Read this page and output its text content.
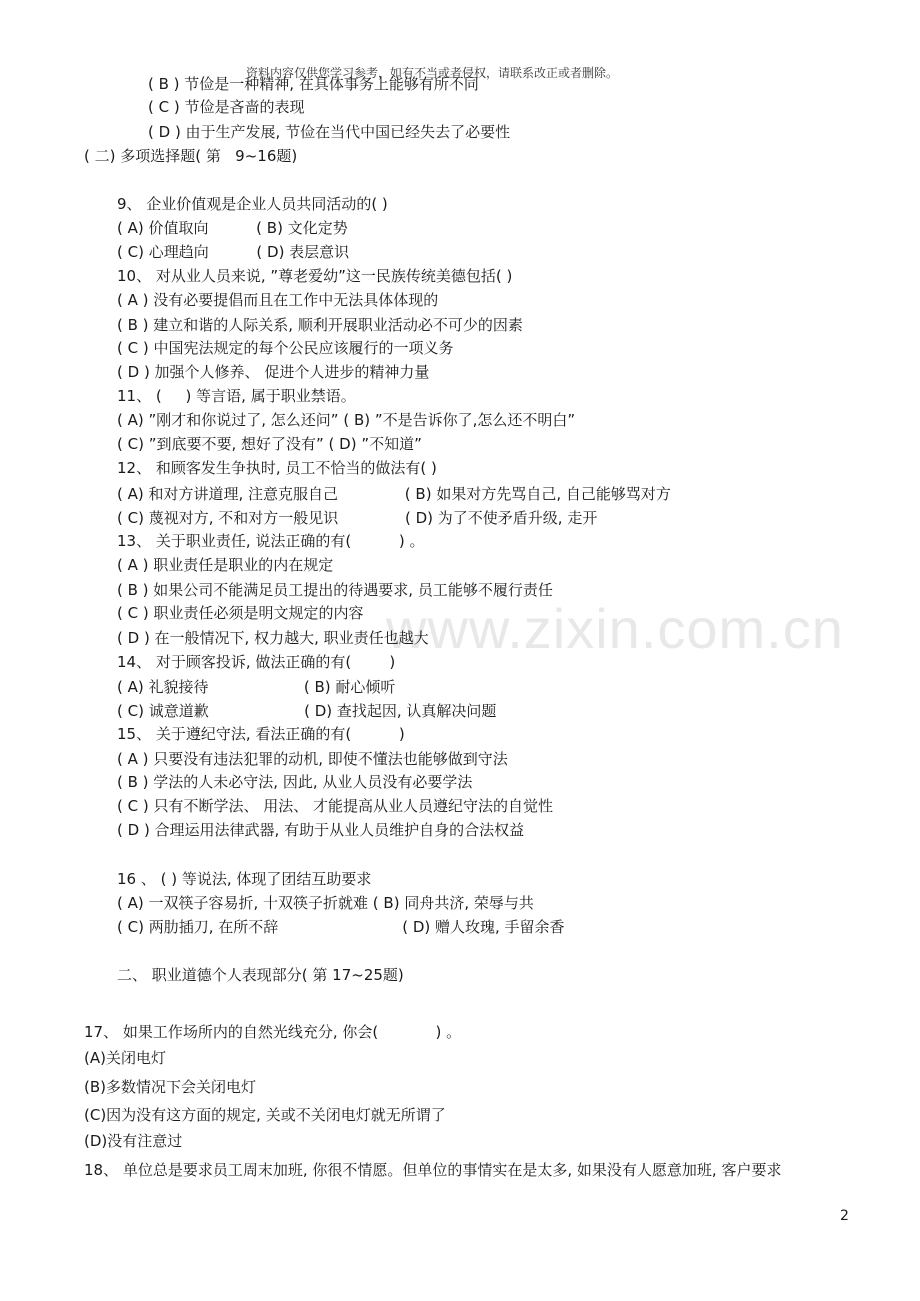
资料内容仅供您学习参考，如有不当或者侵权，请联系改正或者删除。
www.zixin.com.cn
( B ) 节俭是一种精神, 在具体事务上能够有所不同
( C ) 节俭是吝啬的表现
( D ) 由于生产发展, 节俭在当代中国已经失去了必要性
( 二) 多项选择题( 第   9~16题)
9、 企业价值观是企业人员共同活动的( )
( A) 价值取向          ( B) 文化定势
( C) 心理趋向          ( D) 表层意识
10、 对从业人员来说, ”尊老爱幼”这一民族传统美德包括( )
( A ) 没有必要提倡而且在工作中无法具体体现的
( B ) 建立和谐的人际关系, 顺利开展职业活动必不可少的因素
( C ) 中国宪法规定的每个公民应该履行的一项义务
( D ) 加强个人修养、 促进个人进步的精神力量
11、 (     ) 等言语, 属于职业禁语。
( A) ”刚才和你说过了, 怎么还问” ( B) ”不是告诉你了,怎么还不明白”
( C) ”到底要不要, 想好了没有” ( D) ”不知道”
12、 和顾客发生争执时, 员工不恰当的做法有( )
( A) 和对方讲道理, 注意克服自己              ( B) 如果对方先骂自己, 自己能够骂对方
( C) 蔑视对方, 不和对方一般见识              ( D) 为了不使矛盾升级, 走开
13、 关于职业责任, 说法正确的有(          ) 。
( A ) 职业责任是职业的内在规定
( B ) 如果公司不能满足员工提出的待遇要求, 员工能够不履行责任
( C ) 职业责任必须是明文规定的内容
( D ) 在一般情况下, 权力越大, 职业责任也越大
14、 对于顾客投诉, 做法正确的有(        )
( A) 礼貌接待                    ( B) 耐心倾听
( C) 诚意道歉                    ( D) 查找起因, 认真解决问题
15、 关于遵纪守法, 看法正确的有(          )
( A ) 只要没有违法犯罪的动机, 即使不懂法也能够做到守法
( B ) 学法的人未必守法, 因此, 从业人员没有必要学法
( C ) 只有不断学法、 用法、 才能提高从业人员遵纪守法的自觉性
( D ) 合理运用法律武器, 有助于从业人员维护自身的合法权益
16 、 ( ) 等说法, 体现了团结互助要求
( A) 一双筷子容易折, 十双筷子折就难 ( B) 同舟共济, 荣辱与共
( C) 两肋插刀, 在所不辞                          ( D) 赠人玫瑰, 手留余香
二、 职业道德个人表现部分( 第 17~25题)
17、 如果工作场所内的自然光线充分, 你会(            ) 。
(A)关闭电灯
(B)多数情况下会关闭电灯
(C)因为没有这方面的规定, 关或不关闭电灯就无所谓了
(D)没有注意过
18、 单位总是要求员工周末加班, 你很不情愿。但单位的事情实在是太多, 如果没有人愿意加班, 客户要求
2
